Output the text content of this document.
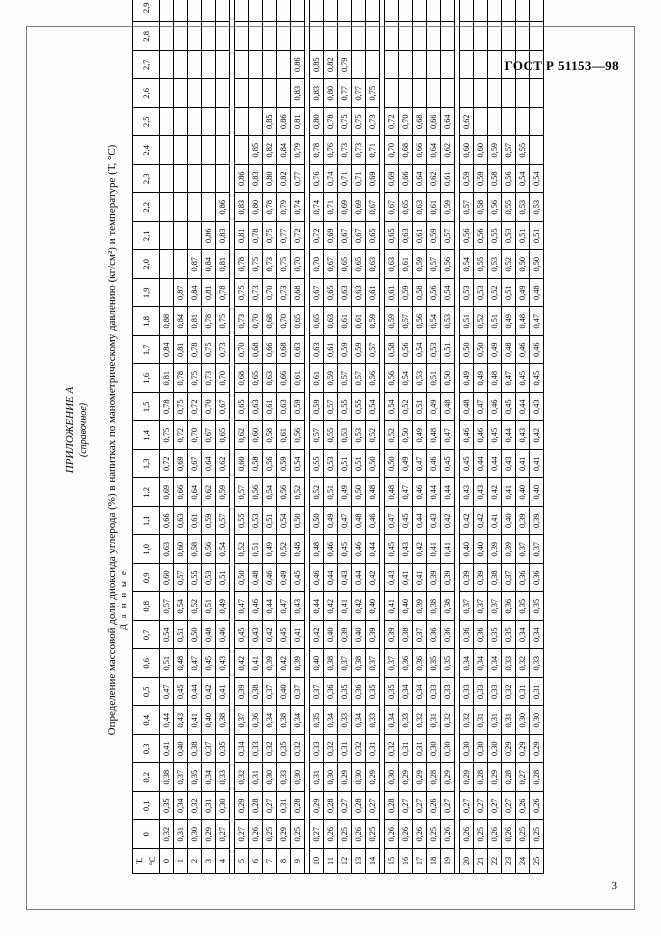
ГОСТ Р 51153—98
ПРИЛОЖЕНИЕ А (справочное) Определение массовой доли диоксида углерода (%) в напитках по манометрическому давлению (кг/см²) и температуре (Т, °С)
Т, °С	0	0,1	0,2	0,3	0,4	0,5	0,6	0,7	0,8	0,9	1,0	1,1	1,2	1,3	1,4	1,5	1,6	1,7	1,8	1,9	2,0	2,1	2,2	2,3	2,4	2,5	2,6	2,7	2,8	2,9
0	0,32	0,35	0,38	0,41	0,44	0,47	0,51	0,54	0,57	0,60	0,63	0,66	0,69	0,72	0,75	0,78	0,81	0,84	0,88											
1	0,31	0,34	0,37	0,40	0,43	0,45	0,48	0,51	0,54	0,57	0,60	0,63	0,66	0,69	0,72	0,75	0,78	0,81	0,84	0,87										
2	0,30	0,32	0,35	0,38	0,41	0,44	0,47	0,50	0,52	0,55	0,58	0,61	0,64	0,67	0,70	0,72	0,75	0,78	0,81	0,84	0,87									
3	0,29	0,31	0,34	0,37	0,40	0,42	0,45	0,48	0,51	0,53	0,56	0,59	0,62	0,64	0,67	0,70	0,73	0,75	0,78	0,81	0,84	0,86								
4	0,27	0,30	0,33	0,35	0,38	0,41	0,43	0,46	0,49	0,51	0,54	0,57	0,59	0,62	0,65	0,67	0,70	0,73	0,75	0,78	0,81	0,83	0,86							

5	0,27	0,29	0,32	0,34	0,37	0,39	0,42	0,45	0,47	0,50	0,52	0,55	0,57	0,60	0,62	0,65	0,68	0,70	0,73	0,75	0,78	0,81	0,83	0,86						
6	0,26	0,28	0,31	0,33	0,36	0,38	0,41	0,43	0,46	0,48	0,51	0,53	0,56	0,58	0,60	0,63	0,65	0,68	0,70	0,73	0,75	0,78	0,80	0,83	0,85					
7	0,25	0,27	0,30	0,32	0,34	0,37	0,39	0,42	0,44	0,46	0,49	0,51	0,54	0,56	0,58	0,61	0,63	0,66	0,68	0,70	0,73	0,75	0,78	0,80	0,82	0,85				
8	0,29	0,31	0,33	0,35	0,38	0,40	0,42	0,45	0,47	0,49	0,52	0,54	0,56	0,59	0,61	0,63	0,66	0,68	0,70	0,73	0,75	0,77	0,79	0,82	0,84	0,86				
9	0,25	0,28	0,30	0,32	0,34	0,37	0,39	0,41	0,43	0,45	0,48	0,50	0,52	0,54	0,56	0,59	0,61	0,63	0,65	0,68	0,70	0,72	0,74	0,77	0,79	0,81	0,83	0,86		

10	0,27	0,29	0,31	0,33	0,35	0,37	0,40	0,42	0,44	0,46	0,48	0,50	0,52	0,55	0,57	0,59	0,61	0,63	0,65	0,67	0,70	0,72	0,74	0,76	0,78	0,80	0,83	0,85		
11	0,26	0,28	0,30	0,32	0,34	0,36	0,38	0,40	0,42	0,44	0,46	0,49	0,51	0,53	0,55	0,57	0,59	0,61	0,63	0,65	0,67	0,69	0,71	0,74	0,76	0,78	0,80	0,82		
12	0,25	0,27	0,29	0,31	0,33	0,35	0,37	0,39	0,41	0,43	0,45	0,47	0,49	0,51	0,53	0,55	0,57	0,59	0,61	0,63	0,65	0,67	0,69	0,71	0,73	0,75	0,77	0,79		
13	0,26	0,28	0,30	0,32	0,34	0,36	0,38	0,40	0,42	0,44	0,46	0,48	0,50	0,51	0,53	0,55	0,57	0,59	0,61	0,63	0,65	0,67	0,69	0,71	0,73	0,75	0,77			
14	0,25	0,27	0,29	0,31	0,33	0,35	0,37	0,39	0,40	0,42	0,44	0,46	0,48	0,50	0,52	0,54	0,56	0,57	0,59	0,61	0,63	0,65	0,67	0,69	0,71	0,73	0,75			

15	0,26	0,28	0,30	0,32	0,34	0,35	0,37	0,39	0,41	0,43	0,45	0,47	0,48	0,50	0,52	0,54	0,56	0,58	0,59	0,61	0,63	0,65	0,67	0,69	0,70	0,72				
16	0,26	0,27	0,29	0,31	0,33	0,34	0,36	0,38	0,40	0,41	0,43	0,45	0,47	0,49	0,50	0,52	0,54	0,56	0,57	0,59	0,61	0,63	0,65	0,66	0,68	0,70				
17	0,26	0,27	0,29	0,31	0,32	0,34	0,36	0,37	0,39	0,41	0,42	0,44	0,46	0,47	0,49	0,51	0,53	0,54	0,56	0,58	0,59	0,61	0,63	0,64	0,66	0,68				
18	0,25	0,26	0,28	0,30	0,31	0,33	0,35	0,36	0,38	0,39	0,41	0,43	0,44	0,46	0,48	0,49	0,51	0,53	0,54	0,56	0,57	0,59	0,61	0,62	0,64	0,66				
19	0,26	0,27	0,29	0,30	0,32	0,33	0,35	0,36	0,38	0,39	0,41	0,42	0,44	0,45	0,47	0,48	0,50	0,51	0,53	0,54	0,56	0,57	0,59	0,61	0,62	0,64				

20	0,26	0,27	0,29	0,30	0,32	0,33	0,34	0,36	0,37	0,39	0,40	0,42	0,43	0,45	0,46	0,48	0,49	0,50	0,51	0,53	0,54	0,56	0,57	0,59	0,60	0,62				
21	0,25	0,27	0,28	0,30	0,31	0,33	0,34	0,36	0,37	0,39	0,40	0,42	0,43	0,44	0,46	0,47	0,49	0,50	0,52	0,53	0,55	0,56	0,58	0,59	0,60					
22	0,26	0,27	0,29	0,30	0,31	0,33	0,34	0,35	0,37	0,38	0,39	0,41	0,42	0,44	0,45	0,46	0,48	0,49	0,51	0,52	0,53	0,55	0,56	0,58	0,59					
23	0,26	0,27	0,28	0,29	0,31	0,32	0,33	0,35	0,36	0,37	0,39	0,40	0,41	0,43	0,44	0,45	0,47	0,48	0,49	0,51	0,52	0,53	0,55	0,56	0,57					
24	0,25	0,26	0,27	0,29	0,30	0,31	0,32	0,34	0,35	0,36	0,37	0,39	0,40	0,41	0,43	0,44	0,45	0,46	0,48	0,49	0,50	0,51	0,53	0,54	0,55					
25	0,25	0,26	0,28	0,29	0,30	0,31	0,33	0,34	0,35	0,36	0,37	0,39	0,40	0,41	0,42	0,43	0,45	0,46	0,47	0,48	0,50	0,51	0,53	0,54						
Д а н н ы е
3
